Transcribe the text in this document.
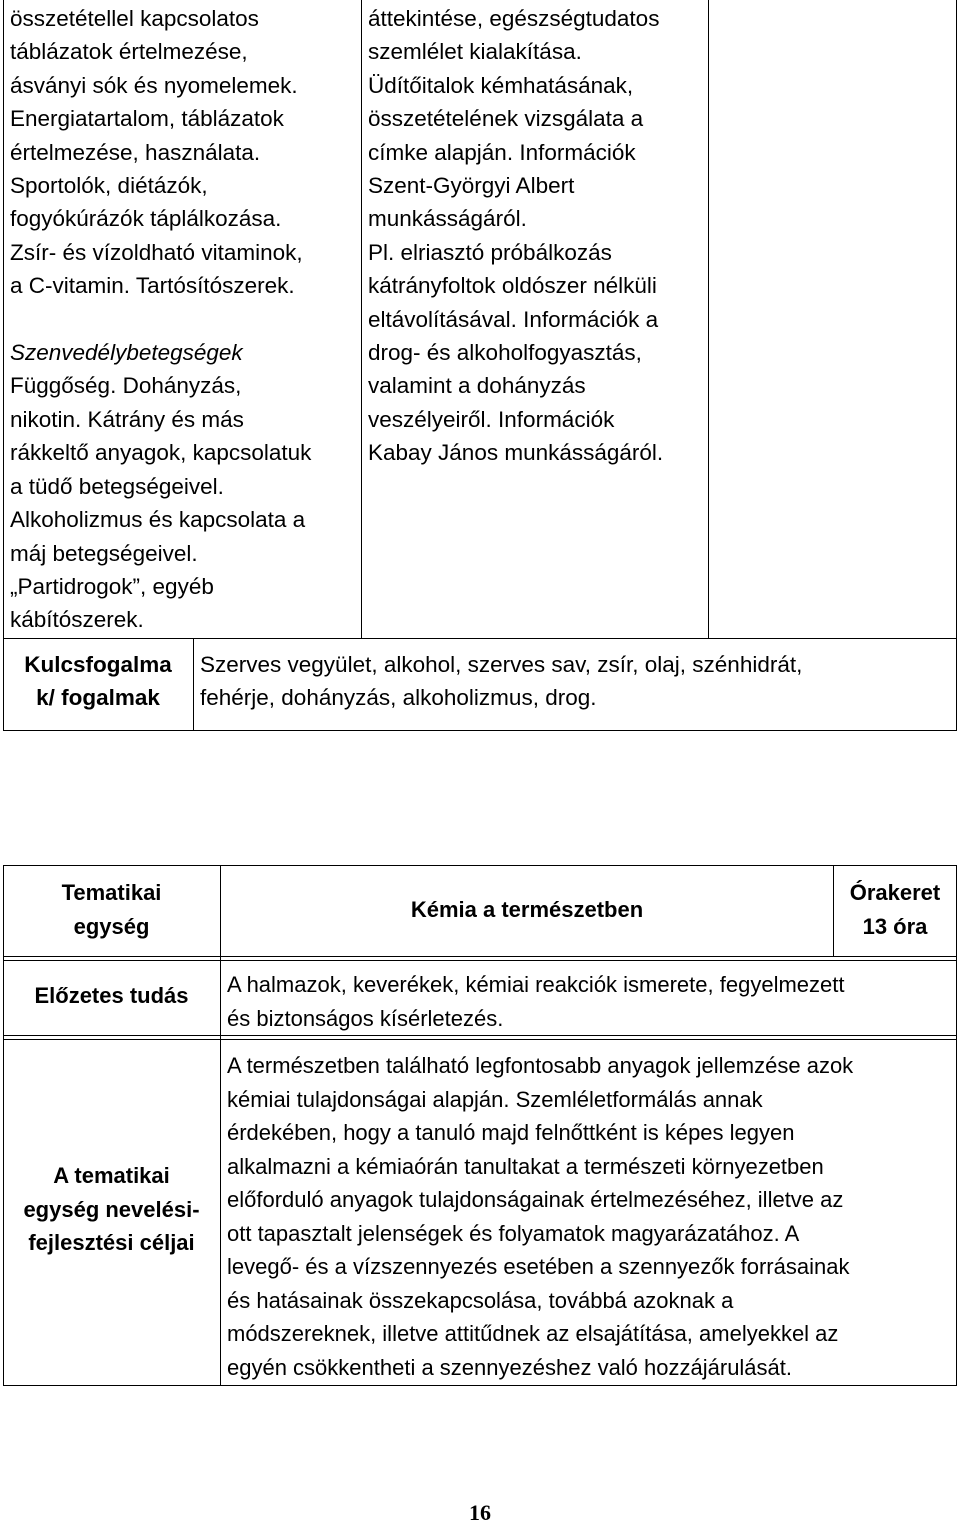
összetétellel kapcsolatos
táblázatok értelmezése,
ásványi sók és nyomelemek.
Energiatartalom, táblázatok
értelmezése, használata.
Sportolók, diétázók,
fogyókúrázók táplálkozása.
Zsír- és vízoldható vitaminok,
a C-vitamin. Tartósítószerek.

Szenvedélybetegségek
Függőség. Dohányzás,
nikotin. Kátrány és más
rákkeltő anyagok, kapcsolatuk
a tüdő betegségeivel.
Alkoholizmus és kapcsolata a
máj betegségeivel.
„Partidrogok”, egyéb
kábítószerek.
áttekintése, egészségtudatos
szemlélet kialakítása.
Üdítőitalok kémhatásának,
összetételének vizsgálata a
címke alapján. Információk
Szent-Györgyi Albert
munkásságáról.
Pl. elriasztó próbálkozás
kátrányfoltok oldószer nélküli
eltávolításával. Információk a
drog- és alkoholfogyasztás,
valamint a dohányzás
veszélyeiről. Információk
Kabay János munkásságáról.
Kulcsfogalma
k/ fogalmak
Szerves vegyület, alkohol, szerves sav, zsír, olaj, szénhidrát,
fehérje, dohányzás, alkoholizmus, drog.
Tematikai
egység
Kémia a természetben
Órakeret
13 óra
Előzetes tudás	A halmazok, keverékek, kémiai reakciók ismerete, fegyelmezett
és biztonságos kísérletezés.
A tematikai
egység nevelési-
fejlesztési céljai
A természetben található legfontosabb anyagok jellemzése azok
kémiai tulajdonságai alapján. Szemléletformálás annak
érdekében, hogy a tanuló majd felnőttként is képes legyen
alkalmazni a kémiaórán tanultakat a természeti környezetben
előforduló anyagok tulajdonságainak értelmezéséhez, illetve az
ott tapasztalt jelenségek és folyamatok magyarázatához. A
levegő- és a vízszennyezés esetében a szennyezők forrásainak
és hatásainak összekapcsolása, továbbá azoknak a
módszereknek, illetve attitűdnek az elsajátítása, amelyekkel az
egyén csökkentheti a szennyezéshez való hozzájárulását.
16
